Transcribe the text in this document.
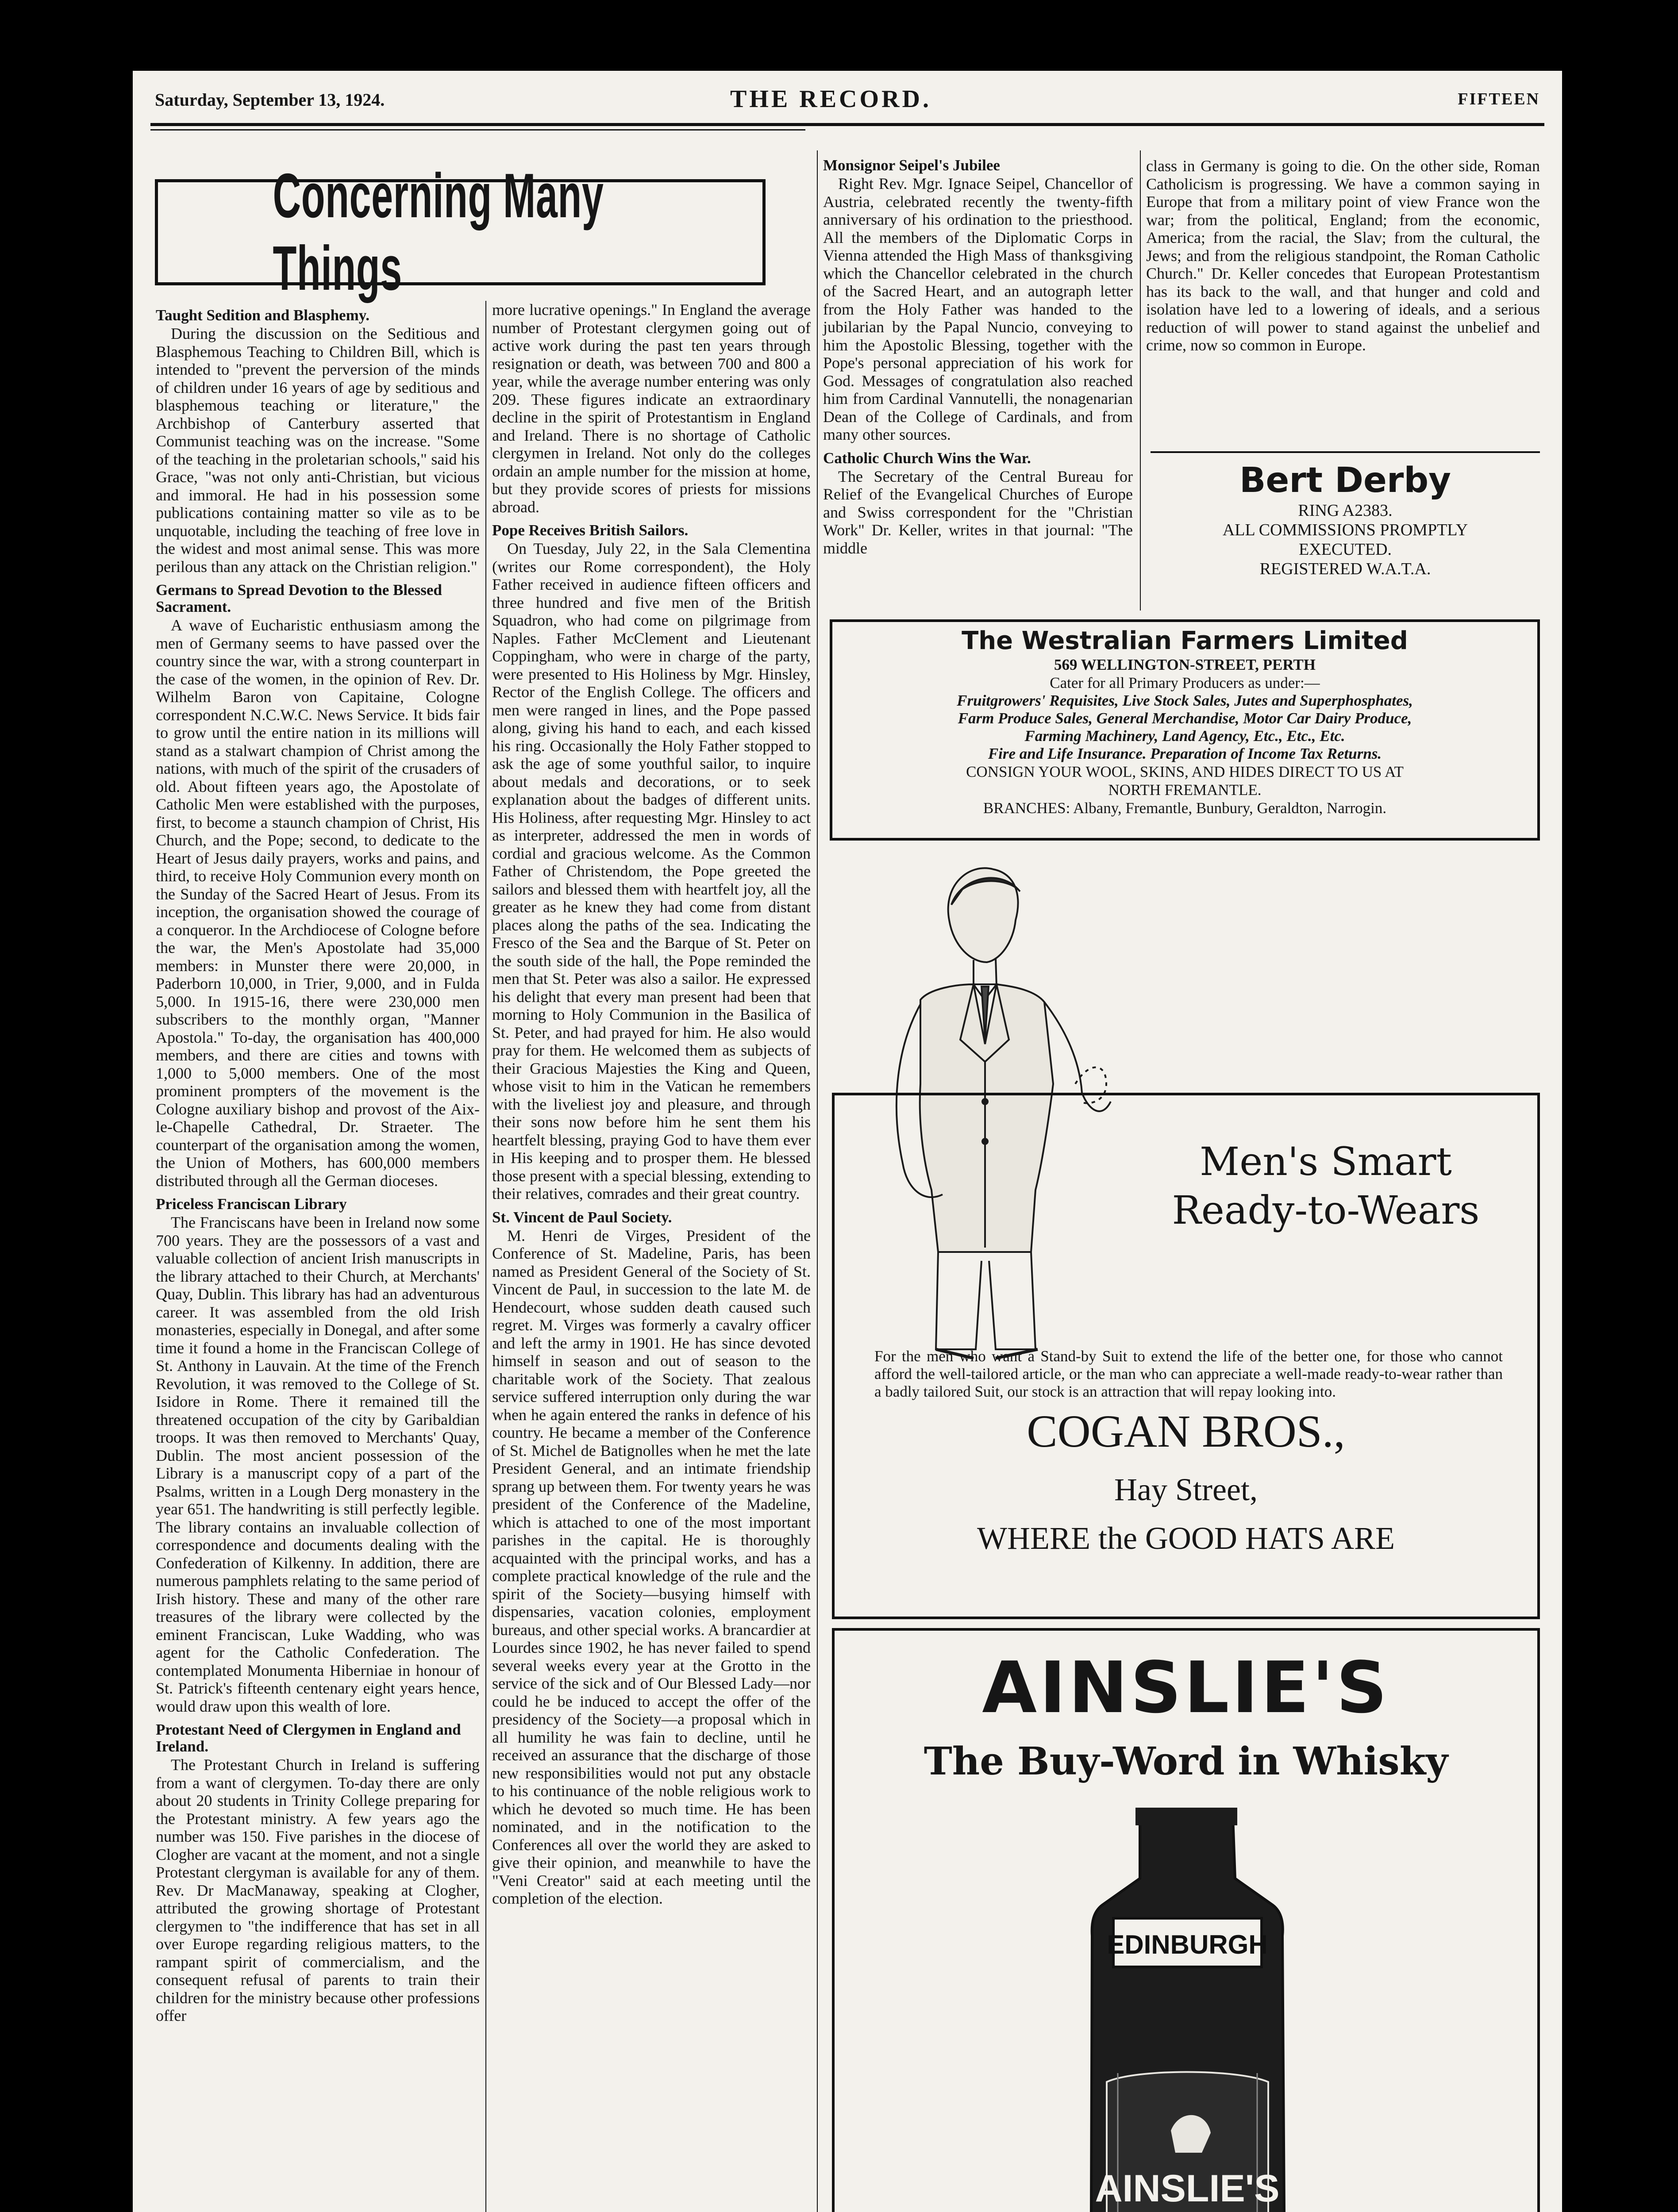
Saturday, September 13, 1924.	THE RECORD.	FIFTEEN
Concerning Many Things
Taught Sedition and Blasphemy.

During the discussion on the Seditious and Blasphemous Teaching to Children Bill, which is intended to "prevent the perversion of the minds of children under 16 years of age by seditious and blasphemous teaching or literature," the Archbishop of Canterbury asserted that Communist teaching was on the increase. "Some of the teaching in the proletarian schools," said his Grace, "was not only anti-Christian, but vicious and immoral. He had in his possession some publications containing matter so vile as to be unquotable, including the teaching of free love in the widest and most animal sense. This was more perilous than any attack on the Christian religion."

Germans to Spread Devotion to the Blessed Sacrament.

A wave of Eucharistic enthusiasm among the men of Germany seems to have passed over the country since the war, with a strong counterpart in the case of the women, in the opinion of Rev. Dr. Wilhelm Baron von Capitaine, Cologne correspondent N.C.W.C. News Service. It bids fair to grow until the entire nation in its millions will stand as a stalwart champion of Christ among the nations, with much of the spirit of the crusaders of old. About fifteen years ago, the Apostolate of Catholic Men were established with the purposes, first, to become a staunch champion of Christ, His Church, and the Pope; second, to dedicate to the Heart of Jesus daily prayers, works and pains, and third, to receive Holy Communion every month on the Sunday of the Sacred Heart of Jesus. From its inception, the organisation showed the courage of a conqueror. In the Archdiocese of Cologne before the war, the Men's Apostolate had 35,000 members: in Munster there were 20,000, in Paderborn 10,000, in Trier, 9,000, and in Fulda 5,000. In 1915-16, there were 230,000 men subscribers to the monthly organ, "Manner Apostola." To-day, the organisation has 400,000 members, and there are cities and towns with 1,000 to 5,000 members. One of the most prominent prompters of the movement is the Cologne auxiliary bishop and provost of the Aix-le-Chapelle Cathedral, Dr. Straeter. The counterpart of the organisation among the women, the Union of Mothers, has 600,000 members distributed through all the German dioceses.

Priceless Franciscan Library

The Franciscans have been in Ireland now some 700 years. They are the possessors of a vast and valuable collection of ancient Irish manuscripts in the library attached to their Church, at Merchants' Quay, Dublin. This library has had an adventurous career. It was assembled from the old Irish monasteries, especially in Donegal, and after some time it found a home in the Franciscan College of St. Anthony in Lauvain. At the time of the French Revolution, it was removed to the College of St. Isidore in Rome. There it remained till the threatened occupation of the city by Garibaldian troops. It was then removed to Merchants' Quay, Dublin. The most ancient possession of the Library is a manuscript copy of a part of the Psalms, written in a Lough Derg monastery in the year 651. The handwriting is still perfectly legible. The library contains an invaluable collection of correspondence and documents dealing with the Confederation of Kilkenny. In addition, there are numerous pamphlets relating to the same period of Irish history. These and many of the other rare treasures of the library were collected by the eminent Franciscan, Luke Wadding, who was agent for the Catholic Confederation. The contemplated Monumenta Hiberniae in honour of St. Patrick's fifteenth centenary eight years hence, would draw upon this wealth of lore.

Protestant Need of Clergymen in England and Ireland.

The Protestant Church in Ireland is suffering from a want of clergymen. To-day there are only about 20 students in Trinity College preparing for the Protestant ministry. A few years ago the number was 150. Five parishes in the diocese of Clogher are vacant at the moment, and not a single Protestant clergyman is available for any of them. Rev. Dr MacManaway, speaking at Clogher, attributed the growing shortage of Protestant clergymen to "the indifference that has set in all over Europe regarding religious matters, to the rampant spirit of commercialism, and the consequent refusal of parents to train their children for the ministry because other professions offer

more lucrative openings." In England the average number of Protestant clergymen going out of active work during the past ten years through resignation or death, was between 700 and 800 a year, while the average number entering was only 209. These figures indicate an extraordinary decline in the spirit of Protestantism in England and Ireland. There is no shortage of Catholic clergymen in Ireland. Not only do the colleges ordain an ample number for the mission at home, but they provide scores of priests for missions abroad.

Pope Receives British Sailors.

On Tuesday, July 22, in the Sala Clementina (writes our Rome correspondent), the Holy Father received in audience fifteen officers and three hundred and five men of the British Squadron, who had come on pilgrimage from Naples. Father McClement and Lieutenant Coppingham, who were in charge of the party, were presented to His Holiness by Mgr. Hinsley, Rector of the English College. The officers and men were ranged in lines, and the Pope passed along, giving his hand to each, and each kissed his ring. Occasionally the Holy Father stopped to ask the age of some youthful sailor, to inquire about medals and decorations, or to seek explanation about the badges of different units. His Holiness, after requesting Mgr. Hinsley to act as interpreter, addressed the men in words of cordial and gracious welcome. As the Common Father of Christendom, the Pope greeted the sailors and blessed them with heartfelt joy, all the greater as he knew they had come from distant places along the paths of the sea. Indicating the Fresco of the Sea and the Barque of St. Peter on the south side of the hall, the Pope reminded the men that St. Peter was also a sailor. He expressed his delight that every man present had been that morning to Holy Communion in the Basilica of St. Peter, and had prayed for him. He also would pray for them. He welcomed them as subjects of their Gracious Majesties the King and Queen, whose visit to him in the Vatican he remembers with the liveliest joy and pleasure, and through their sons now before him he sent them his heartfelt blessing, praying God to have them ever in His keeping and to prosper them. He blessed those present with a special blessing, extending to their relatives, comrades and their great country.

St. Vincent de Paul Society.

M. Henri de Virges, President of the Conference of St. Madeline, Paris, has been named as President General of the Society of St. Vincent de Paul, in succession to the late M. de Hendecourt, whose sudden death caused such regret. M. Virges was formerly a cavalry officer and left the army in 1901. He has since devoted himself in season and out of season to the charitable work of the Society. That zealous service suffered interruption only during the war when he again entered the ranks in defence of his country. He became a member of the Conference of St. Michel de Batignolles when he met the late President General, and an intimate friendship sprang up between them. For twenty years he was president of the Conference of the Madeline, which is attached to one of the most important parishes in the capital. He is thoroughly acquainted with the principal works, and has a complete practical knowledge of the rule and the spirit of the Society—busying himself with dispensaries, vacation colonies, employment bureaus, and other special works. A brancardier at Lourdes since 1902, he has never failed to spend several weeks every year at the Grotto in the service of the sick and of Our Blessed Lady—nor could he be induced to accept the offer of the presidency of the Society—a proposal which in all humility he was fain to decline, until he received an assurance that the discharge of those new responsibilities would not put any obstacle to his continuance of the noble religious work to which he devoted so much time. He has been nominated, and in the notification to the Conferences all over the world they are asked to give their opinion, and meanwhile to have the "Veni Creator" said at each meeting until the completion of the election.

Monsignor Seipel's Jubilee

Right Rev. Mgr. Ignace Seipel, Chancellor of Austria, celebrated recently the twenty-fifth anniversary of his ordination to the priesthood. All the members of the Diplomatic Corps in Vienna attended the High Mass of thanksgiving which the Chancellor celebrated in the church of the Sacred Heart, and an autograph letter from the Holy Father was handed to the jubilarian by the Papal Nuncio, conveying to him the Apostolic Blessing, together with the Pope's personal appreciation of his work for God. Messages of congratulation also reached him from Cardinal Vannutelli, the nonagenarian Dean of the College of Cardinals, and from many other sources.

Catholic Church Wins the War.

The Secretary of the Central Bureau for Relief of the Evangelical Churches of Europe and Swiss correspondent for the "Christian Work" Dr. Keller, writes in that journal: "The middle

class in Germany is going to die. On the other side, Roman Catholicism is progressing. We have a common saying in Europe that from a military point of view France won the war; from the political, England; from the economic, America; from the racial, the Slav; from the cultural, the Jews; and from the religious standpoint, the Roman Catholic Church." Dr. Keller concedes that European Protestantism has its back to the wall, and that hunger and cold and isolation have led to a lowering of ideals, and a serious reduction of will power to stand against the unbelief and crime, now so common in Europe.

Bert Derby
RING A2383.
ALL COMMISSIONS PROMPTLY
EXECUTED.
REGISTERED W.A.T.A.
The Westralian Farmers Limited
569 WELLINGTON-STREET, PERTH
Cater for all Primary Producers as under:—
Fruitgrowers' Requisites, Live Stock Sales, Jutes and Superphosphates,
Farm Produce Sales, General Merchandise, Motor Car Dairy Produce,
Farming Machinery, Land Agency, Etc., Etc., Etc.
Fire and Life Insurance. Preparation of Income Tax Returns.
CONSIGN YOUR WOOL, SKINS, AND HIDES DIRECT TO US AT
NORTH FREMANTLE.
BRANCHES: Albany, Fremantle, Bunbury, Geraldton, Narrogin.
Men's Smart
Ready-to-Wears
For the men who want a Stand-by Suit to extend the life of the better one, for those who cannot afford the well-tailored article, or the man who can appreciate a well-made ready-to-wear rather than a badly tailored Suit, our stock is an attraction that will repay looking into.
COGAN BROS.,
Hay Street,
WHERE the GOOD HATS ARE
AINSLIE'S
The Buy-Word in Whisky
EDINBURGH
AINSLIE'S
